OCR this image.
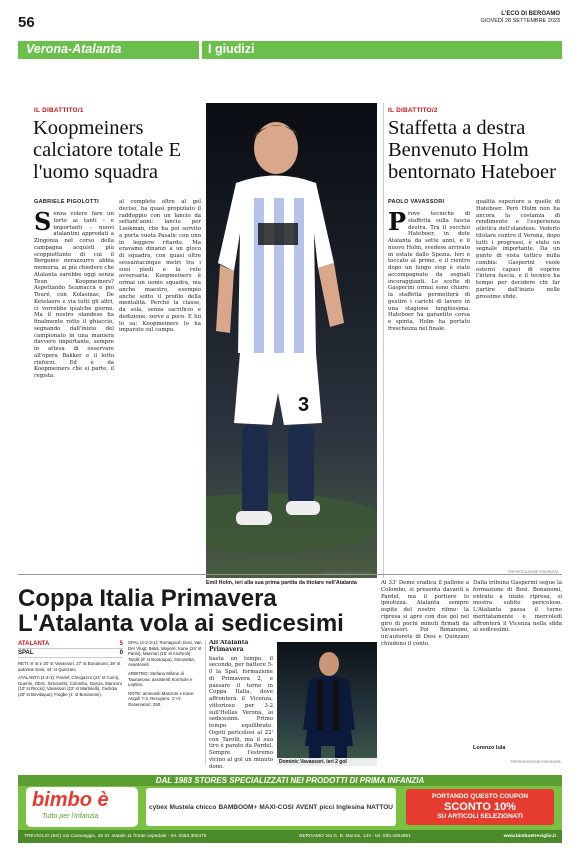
56	L'ECO DI BERGAMO
GIOVEDÌ 28 SETTEMBRE 2023
Verona-Atalanta	I giudizi
IL DIBATTITO/1
Koopmeiners calciatore totale E l'uomo squadra
GABRIELE PIGOLOTTI
Senza volere fare un torto ai tanti - e importanti - nuovi atalantini approdati a Zingonia nel corso della campagna acquisti più scoppiettante di cui il Bergamo nerazzurro abbia memoria, ai più chiedere che Atalanta sarebbe oggi senza Teun Koopmeiners? Aspettando Scamacca e poi Touré, con Kolasinac, De Ketelaere e via tutti gli altri, ci vorrebbe qualche giorno. Ma il nostro olandese ha finalmente rotto il ghiaccio, segnando dall'inizio del campionato in una maniera davvero importante, sempre in attesa di osservare all'opera Bakker e il lotto rinforzi. Ed è da Koopmeiners che si parte, il regista.
al completo oltre al gol deciso, ha quasi propiziato il raddoppio con un lancio da settant'anni: lancio per Lookman, che ha poi servito a porta vuota Pasalic con uno in leggero ritardo. Ma eravamo dinanzi a un gioco di squadra, con quasi oltre sessantacinque metri tra i suoi piedi e la rete avversaria. Koopmeiners è ormai un uomo squadra, ma anche maestro, esempio anche sotto il profilo della mentalità. Perché la classe, da sola, senza sacrificio e dedizione, serve a poco. E lui lo sa: Koopmeiners lo ha imparato sul campo.
3
Emil Holm, ieri alla sua prima partita da titolare nell'Atalanta
IL DIBATTITO/2
Staffetta a destra Benvenuto Holm bentornato Hateboer
PAOLO VAVASSORI
Prove tecniche di staffetta sulla fascia destra. Tra il vecchio Hateboer, in dote Atalanta da sette anni, e il nuovo Holm, svedese arrivato in estate dallo Spezia. Ieri è toccato al primo, e il rientro dopo un lungo stop è stato accompagnato da segnali incoraggianti. Le scelte di Gasperini ormai sono chiare: la staffetta permetterà di gestire i carichi di lavoro in una stagione lunghissima. Hateboer ha garantito corsa e spinta, Holm ha portato freschezza nel finale.
qualità superiore a quelle di Hateboer. Però Holm non ha ancora la costanza di rendimento e l'esperienza atletica dell'olandese. Vederlo titolare contro il Verona, dopo tutti i progressi, è stato un segnale importante. Da un punto di vista tattico nulla cambia: Gasperini vuole esterni capaci di coprire l'intera fascia, e il tecnico ha tempo per decidere chi far partire dall'inizio nelle prossime sfide.
©RIPRODUZIONE RISERVATA
Coppa Italia Primavera L'Atalanta vola ai sedicesimi
ATALANTA	5
SPAL	0
RETI: 8' st e 20' st Vavassori, 27' st Bonanomi, 29' st autorete Dosi, 44' st Quinzani.
ATALANTA (4-3-3): Pardel; Chiogazzo (22' st Comi), Guerini, Obric, Simonetto; Colombo, Garcia, Manzoni (10' st Riccio); Vavassori (22' st Martinelli), Cedrola (20' st Bevilaqua), Fiogbe (1' st Bonanomi).
SPAL (4-2-3-1): Romagnoli; Dosi, Van Der Vlugt, Baldi, Moyerè; Kane (24' st Parisi), Mannari (15' st Andreoli); Tarolli (8' st Boutoupa), Simonetta, Avantonell.
ARBITRO: Stefano Milone di Taurianova; assistenti Sorrisole e Leptino.
NOTE: ammoniti Manzoni e Kane. Angoli 7-3. Recupero: 1'+4'. Osservatori: 250.
All'Atalanta Primavera
basta un tempo, il secondo, per battere 5-0 la Spal, formazione di Primavera 2, e passare il turno in Coppa Italia, dove affronterà il Vicenza, vittorioso per 3-2 sull'Hellas Verona, ai sedicesimi. Primo tempo equilibrato. Ospiti pericolosi al 22' con Tarolli, ma il suo tiro è parato da Pardel. Sempre l'estremo vicino al gol un minuto dopo.
Dominic Vavassori, ieri 2 gol
Al 33' Deme sradica il pallone a Colombo, si presenta davanti a Pardel, ma il portiere lo ipnotizza. Atalanta sempre ospite del nostro ritmo: la ripresa si apre con due gol nel giro di pochi minuti firmati da Vavassori. Poi Bonanomi, un'autorete di Dosi e Quinzani chiudono il conto.
Dalla tribuna Gasperini segue la formazione di Bosi. Bonanomi, entrato a inizio ripresa, si mostra subito pericoloso. L'Atalanta passa il turno meritatamente e mercoledì affronterà il Vicenza nella sfida ai sedicesimi.
Lorenzo Iula
©RIPRODUZIONE RISERVATA
DAL 1983 STORES SPECIALIZZATI NEI PRODOTTI DI PRIMA INFANZIA
bimbo è
Tutto per l'infanzia
cybex Mustela chicco BAMBOOM+ MAXI-COSI AVENT picci Inglesina NATTOU
PORTANDO QUESTO COUPON
SCONTO 10%
SU ARTICOLI SELEZIONATI
TREVIGLIO (BG) Via Caravaggio, 45 St. statale 11 fronte ospedale - tel. 0363.302475	BERGAMO Via G. B. Moroni, 143 - tel. 035.4284651	www.bimboetreviglio.it
